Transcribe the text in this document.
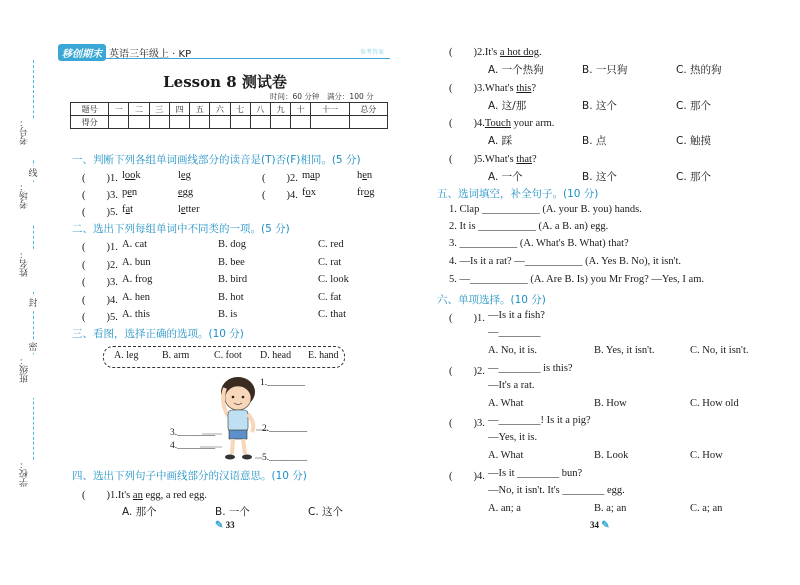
考号：
线
考场：
姓名：
封
密
班级：
学校：
移创期末 英语三年级上 · KP	参考答案
Lesson 8 测试卷
时间：60 分钟　 满分：100 分
题号	一	二	三	四	五	六	七	八	九	十	十一	总分
得分												
一、判断下列各组单词画线部分的读音是(T)否(F)相同。(5 分)
(　　)1. look	leg	(　　)2. map	hen
(　　)3. pen	egg	(　　)4. fox	frog
(　　)5. fat	letter
二、选出下列每组单词中不同类的一项。(5 分)
(　　)1. A. cat	B. dog	C. red
(　　)2. A. bun	B. bee	C. rat
(　　)3. A. frog	B. bird	C. look
(　　)4. A. hen	B. hot	C. fat
(　　)5. A. this	B. is	C. that
三、看图，选择正确的选项。(10 分)
A. leg B. arm C. foot D. head E. hand
1.________
2.________
3.________
4.________
5.________
四、选出下列句子中画线部分的汉语意思。(10 分)
(　　)1.It's an egg, a red egg.
A. 那个	B. 一个	C. 这个
✎ 33
(　　)2.It's a hot dog.
A. 一个热狗	B. 一只狗	C. 热的狗
(　　)3.What's this?
A. 这/那	B. 这个	C. 那个
(　　)4.Touch your arm.
A. 踩	B. 点	C. 触摸
(　　)5.What's that?
A. 一个	B. 这个	C. 那个
五、选词填空，补全句子。(10 分)
1. Clap ___________ (A. your B. you) hands.
2. It is ___________ (A. a B. an) egg.
3. ___________ (A. What's B. What) that?
4. —Is it a rat? —___________ (A. Yes B. No), it isn't.
5. —___________ (A. Are B. Is) you Mr Frog? —Yes, I am.
六、单项选择。(10 分)
(　　)1. —Is it a fish?
—________
A. No, it is.	B. Yes, it isn't.	C. No, it isn't.
(　　)2. —________ is this?
—It's a rat.
A. What	B. How	C. How old
(　　)3. —________! Is it a pig?
—Yes, it is.
A. What	B. Look	C. How
(　　)4. —Is it ________ bun?
—No, it isn't. It's ________ egg.
A. an; a	B. a; an	C. a; an
34 ✎
